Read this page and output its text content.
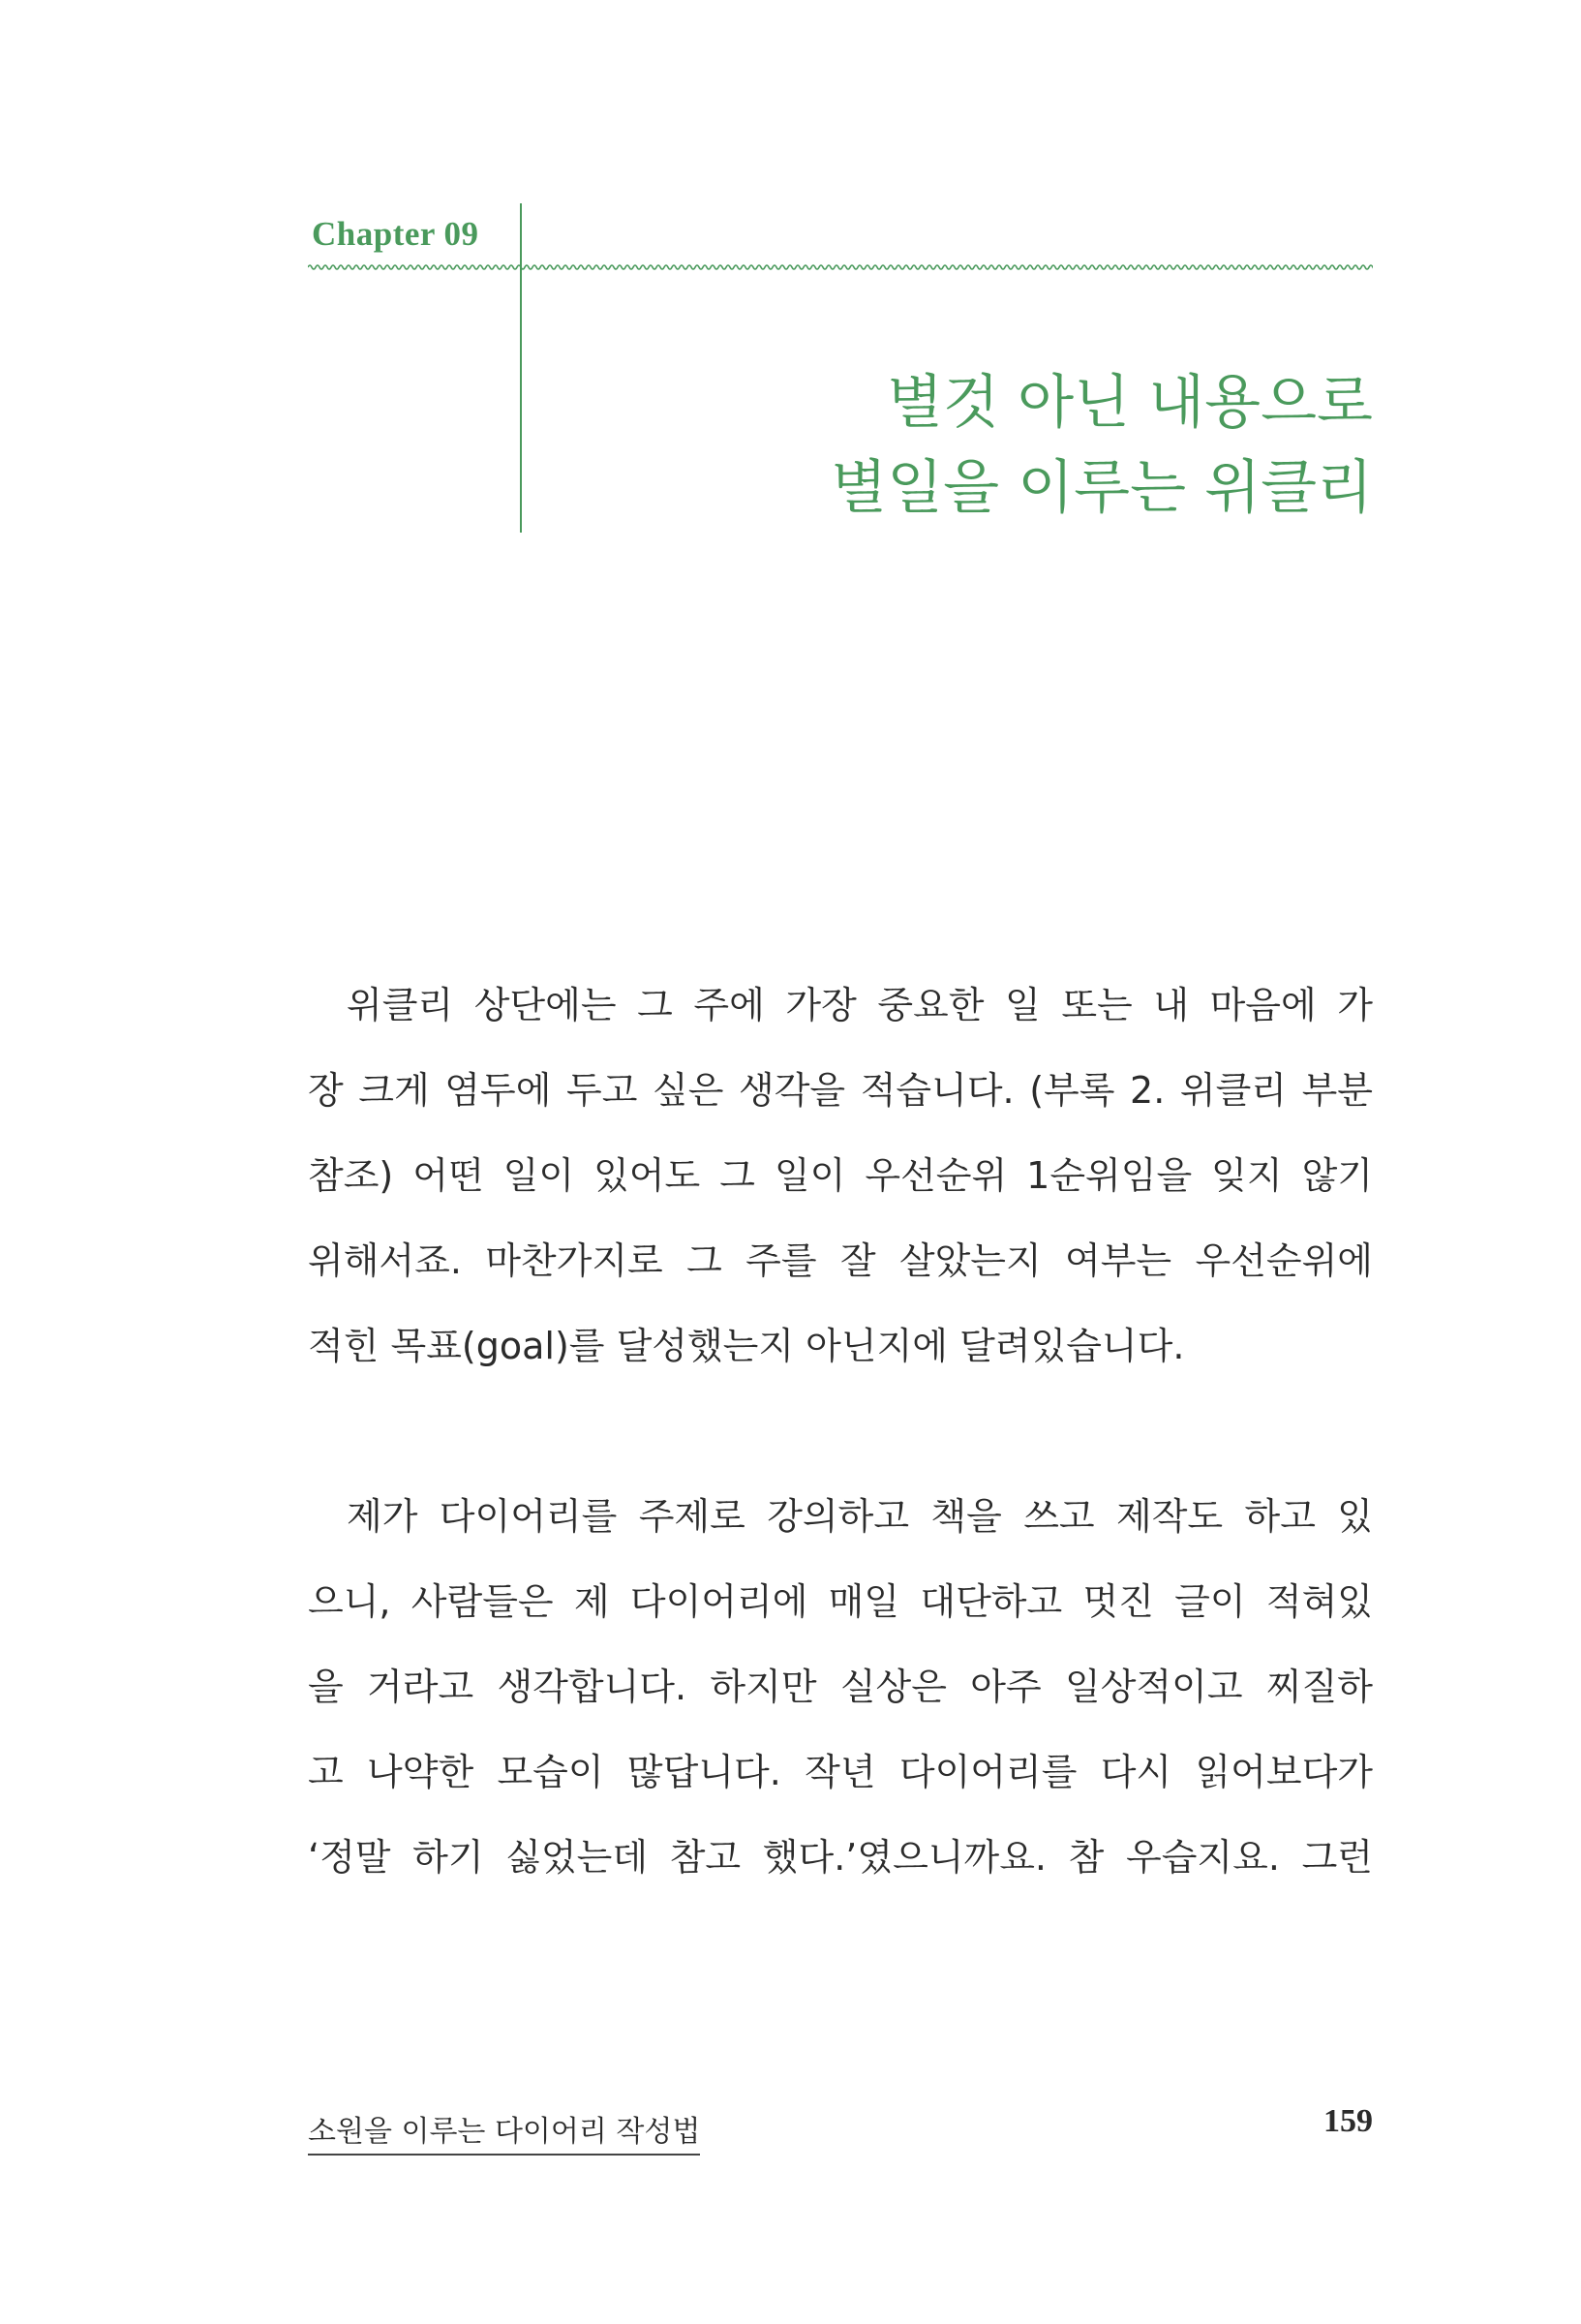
Chapter 09
별것 아닌 내용으로
별일을 이루는 위클리
위클리 상단에는 그 주에 가장 중요한 일 또는 내 마음에 가
장 크게 염두에 두고 싶은 생각을 적습니다. (부록 2. 위클리 부분
참조) 어떤 일이 있어도 그 일이 우선순위 1순위임을 잊지 않기
위해서죠. 마찬가지로 그 주를 잘 살았는지 여부는 우선순위에
적힌 목표(goal)를 달성했는지 아닌지에 달려있습니다.
제가 다이어리를 주제로 강의하고 책을 쓰고 제작도 하고 있
으니, 사람들은 제 다이어리에 매일 대단하고 멋진 글이 적혀있
을 거라고 생각합니다. 하지만 실상은 아주 일상적이고 찌질하
고 나약한 모습이 많답니다. 작년 다이어리를 다시 읽어보다가
‘정말 하기 싫었는데 참고 했다.’였으니까요. 참 우습지요. 그런
소원을 이루는 다이어리 작성법	159
